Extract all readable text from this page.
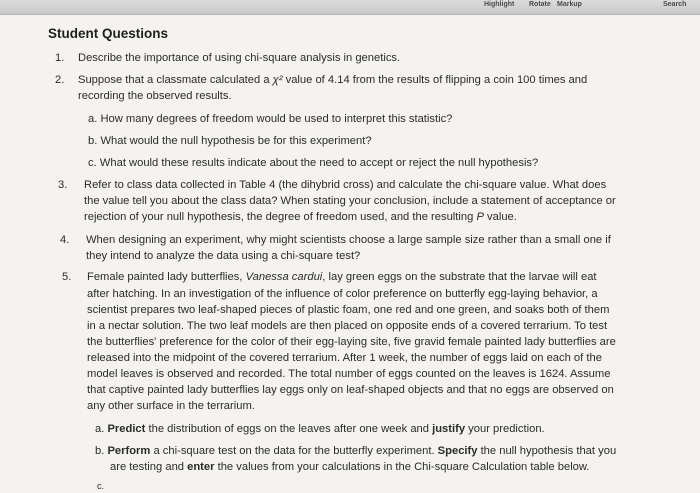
Highlight Rotate Markup	Search
Student Questions
1. Describe the importance of using chi-square analysis in genetics.
2. Suppose that a classmate calculated a χ² value of 4.14 from the results of flipping a coin 100 times and
recording the observed results.
a. How many degrees of freedom would be used to interpret this statistic?
b. What would the null hypothesis be for this experiment?
c. What would these results indicate about the need to accept or reject the null hypothesis?
3. Refer to class data collected in Table 4 (the dihybrid cross) and calculate the chi-square value. What does
the value tell you about the class data? When stating your conclusion, include a statement of acceptance or
rejection of your null hypothesis, the degree of freedom used, and the resulting P value.
4. When designing an experiment, why might scientists choose a large sample size rather than a small one if
they intend to analyze the data using a chi-square test?
5. Female painted lady butterflies, Vanessa cardui, lay green eggs on the substrate that the larvae will eat
after hatching. In an investigation of the influence of color preference on butterfly egg-laying behavior, a
scientist prepares two leaf-shaped pieces of plastic foam, one red and one green, and soaks both of them
in a nectar solution. The two leaf models are then placed on opposite ends of a covered terrarium. To test
the butterflies' preference for the color of their egg-laying site, five gravid female painted lady butterflies are
released into the midpoint of the covered terrarium. After 1 week, the number of eggs laid on each of the
model leaves is observed and recorded. The total number of eggs counted on the leaves is 1624. Assume
that captive painted lady butterflies lay eggs only on leaf-shaped objects and that no eggs are observed on
any other surface in the terrarium.
a. Predict the distribution of eggs on the leaves after one week and justify your prediction.
b. Perform a chi-square test on the data for the butterfly experiment. Specify the null hypothesis that you
are testing and enter the values from your calculations in the Chi-square Calculation table below.
c.
